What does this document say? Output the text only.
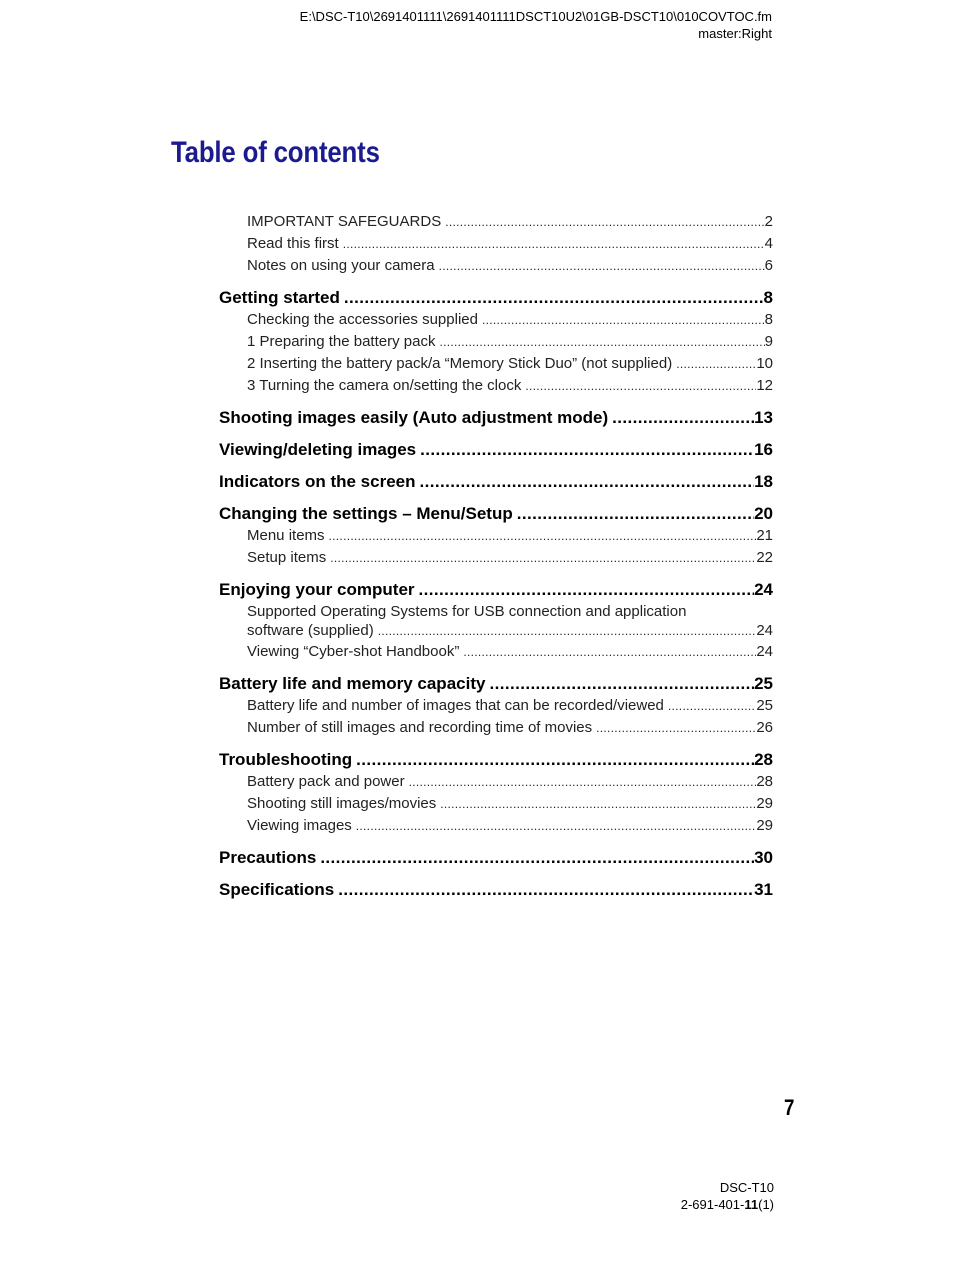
E:\DSC-T10\2691401111\2691401111DSCT10U2\01GB-DSCT10\010COVTOC.fm
master:Right
Table of contents
IMPORTANT SAFEGUARDS .....	2
Read this first .....	4
Notes on using your camera .....	6
Getting started .....	8
Checking the accessories supplied .....	8
1 Preparing the battery pack .....	9
2 Inserting the battery pack/a “Memory Stick Duo” (not supplied) .....	10
3 Turning the camera on/setting the clock .....	12
Shooting images easily (Auto adjustment mode) .....	13
Viewing/deleting images .....	16
Indicators on the screen .....	18
Changing the settings – Menu/Setup .....	20
Menu items .....	21
Setup items .....	22
Enjoying your computer .....	24
Supported Operating Systems for USB connection and application
software (supplied) .....	24
Viewing “Cyber-shot Handbook” .....	24
Battery life and memory capacity .....	25
Battery life and number of images that can be recorded/viewed .....	25
Number of still images and recording time of movies .....	26
Troubleshooting .....	28
Battery pack and power .....	28
Shooting still images/movies .....	29
Viewing images .....	29
Precautions .....	30
Specifications .....	31
7
DSC-T10
2-691-401-11(1)
